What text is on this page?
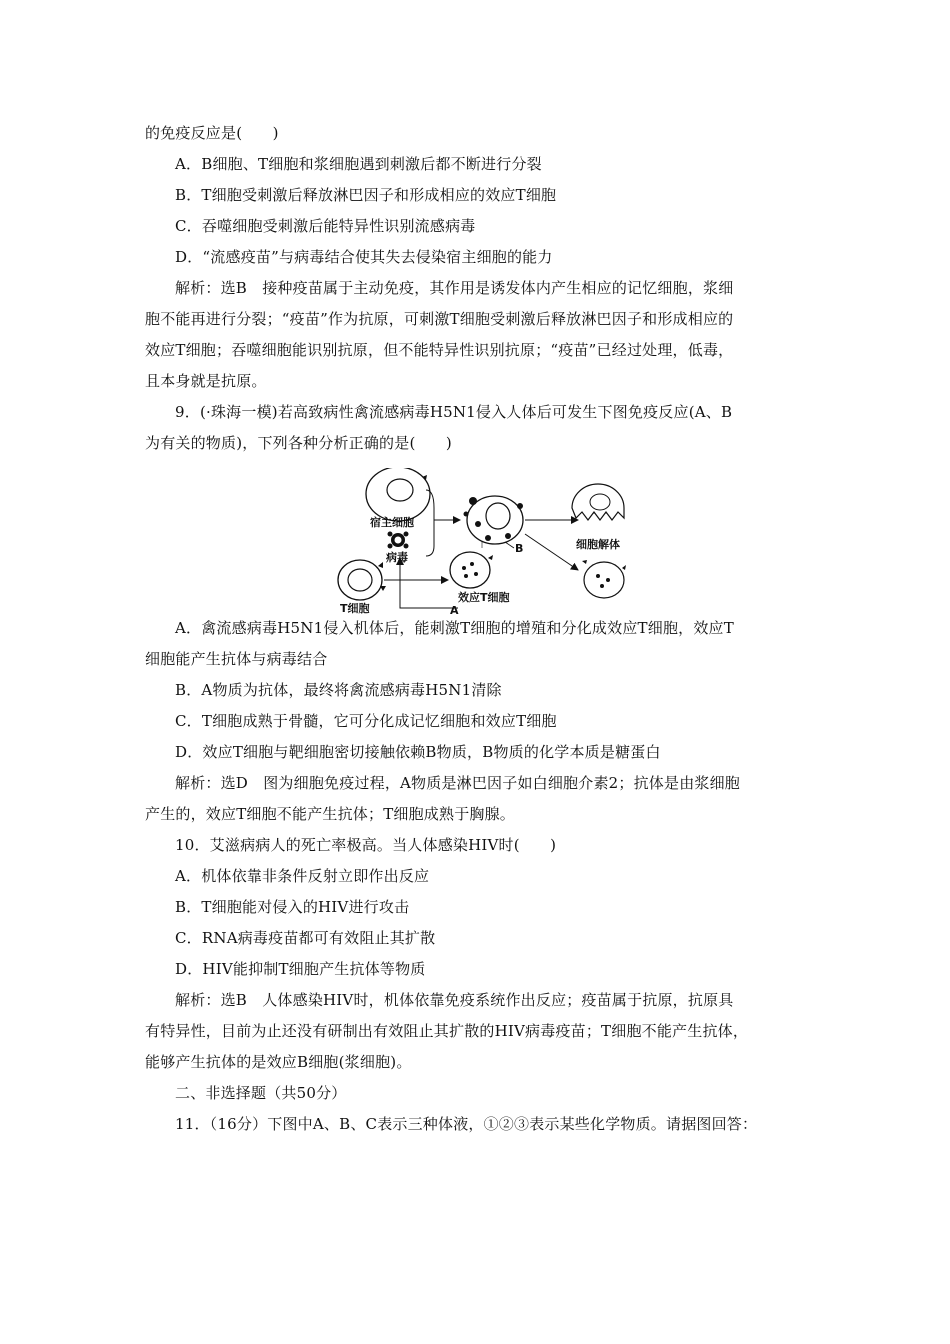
的免疫反应是(　　)
A．B细胞、T细胞和浆细胞遇到刺激后都不断进行分裂
B．T细胞受刺激后释放淋巴因子和形成相应的效应T细胞
C．吞噬细胞受刺激后能特异性识别流感病毒
D．“流感疫苗”与病毒结合使其失去侵染宿主细胞的能力
解析：选B　接种疫苗属于主动免疫，其作用是诱发体内产生相应的记忆细胞，浆细
胞不能再进行分裂；“疫苗”作为抗原，可刺激T细胞受刺激后释放淋巴因子和形成相应的
效应T细胞；吞噬细胞能识别抗原，但不能特异性识别抗原；“疫苗”已经过处理，低毒，
且本身就是抗原。
9．(·珠海一模)若高致病性禽流感病毒H5N1侵入人体后可发生下图免疫反应(A、B
为有关的物质)，下列各种分析正确的是(　　)
宿主细胞
病毒
B	细胞解体
T细胞
效应T细胞
A
A．禽流感病毒H5N1侵入机体后，能刺激T细胞的增殖和分化成效应T细胞，效应T
细胞能产生抗体与病毒结合
B．A物质为抗体，最终将禽流感病毒H5N1清除
C．T细胞成熟于骨髓，它可分化成记忆细胞和效应T细胞
D．效应T细胞与靶细胞密切接触依赖B物质，B物质的化学本质是糖蛋白
解析：选D　图为细胞免疫过程，A物质是淋巴因子如白细胞介素2；抗体是由浆细胞
产生的，效应T细胞不能产生抗体；T细胞成熟于胸腺。
10．艾滋病病人的死亡率极高。当人体感染HIV时(　　)
A．机体依靠非条件反射立即作出反应
B．T细胞能对侵入的HIV进行攻击
C．RNA病毒疫苗都可有效阻止其扩散
D．HIV能抑制T细胞产生抗体等物质
解析：选B　人体感染HIV时，机体依靠免疫系统作出反应；疫苗属于抗原，抗原具
有特异性，目前为止还没有研制出有效阻止其扩散的HIV病毒疫苗；T细胞不能产生抗体，
能够产生抗体的是效应B细胞(浆细胞)。
二、非选择题（共50分）
11．（16分）下图中A、B、C表示三种体液，①②③表示某些化学物质。请据图回答：
